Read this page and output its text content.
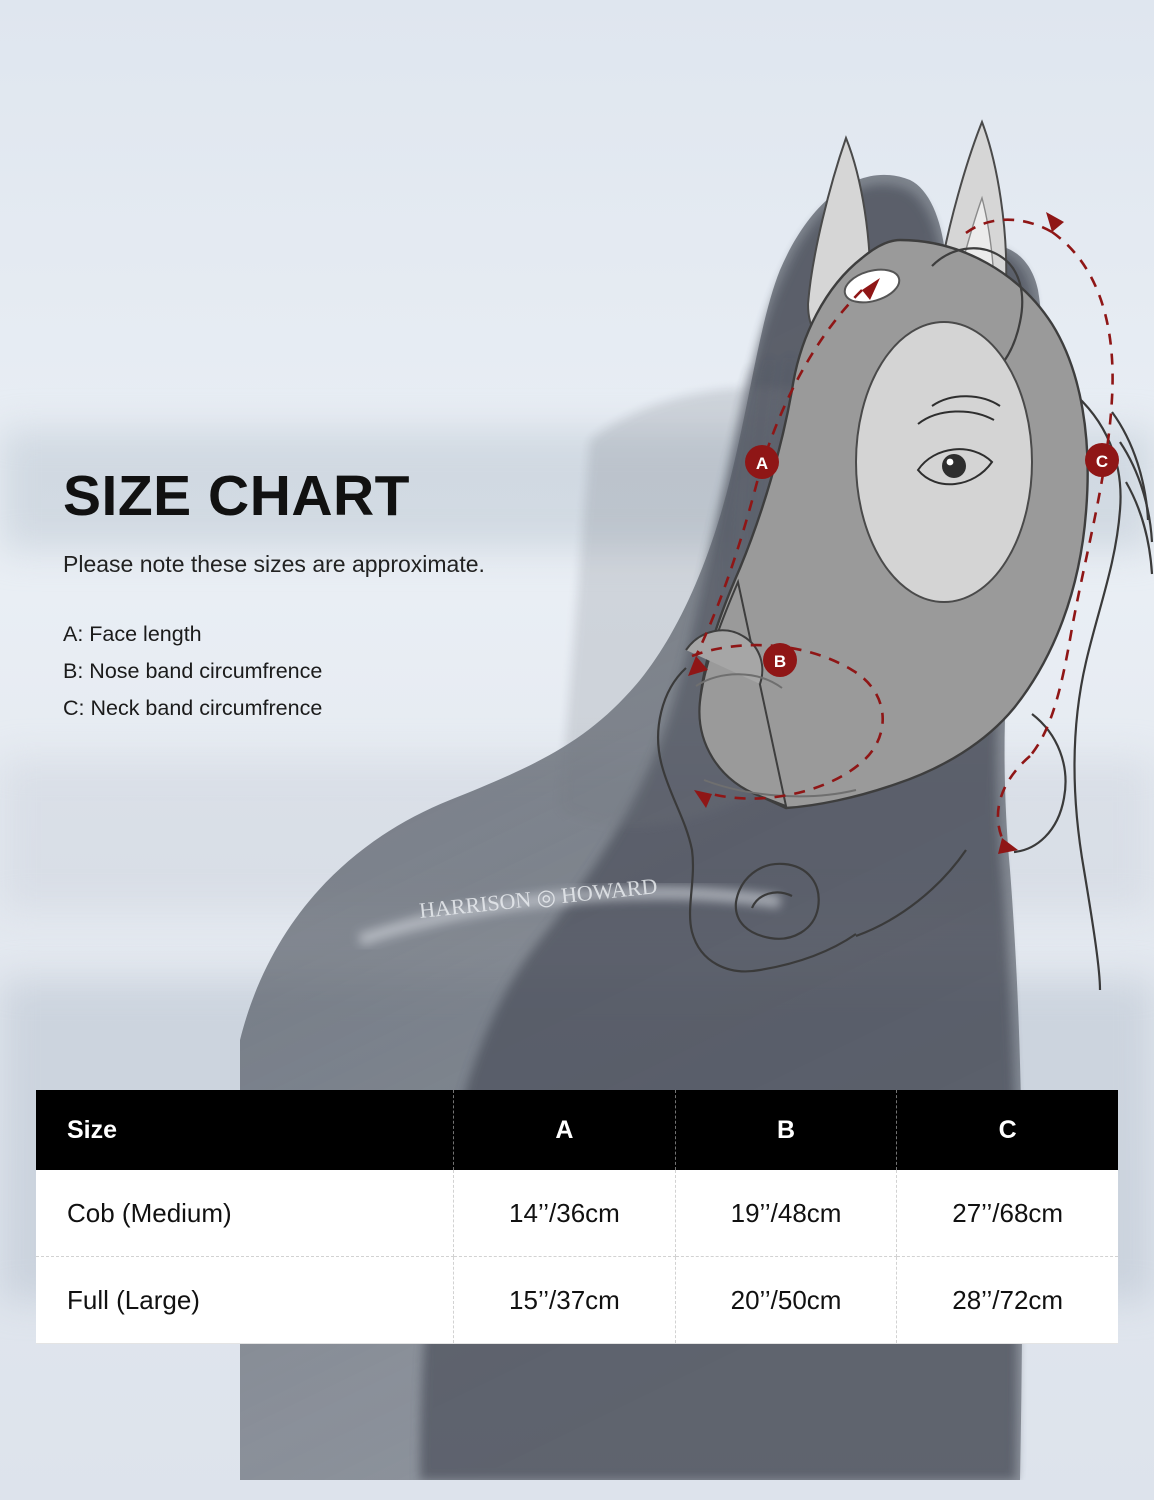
HARRISON ◎ HOWARD
A
B
C
SIZE CHART

Please note these sizes are approximate.

A: Face length
B: Nose band circumfrence
C: Neck band circumfrence
Size	A	B	C
Cob (Medium)	14’’/36cm	19’’/48cm	27’’/68cm
Full (Large)	15’’/37cm	20’’/50cm	28’’/72cm
